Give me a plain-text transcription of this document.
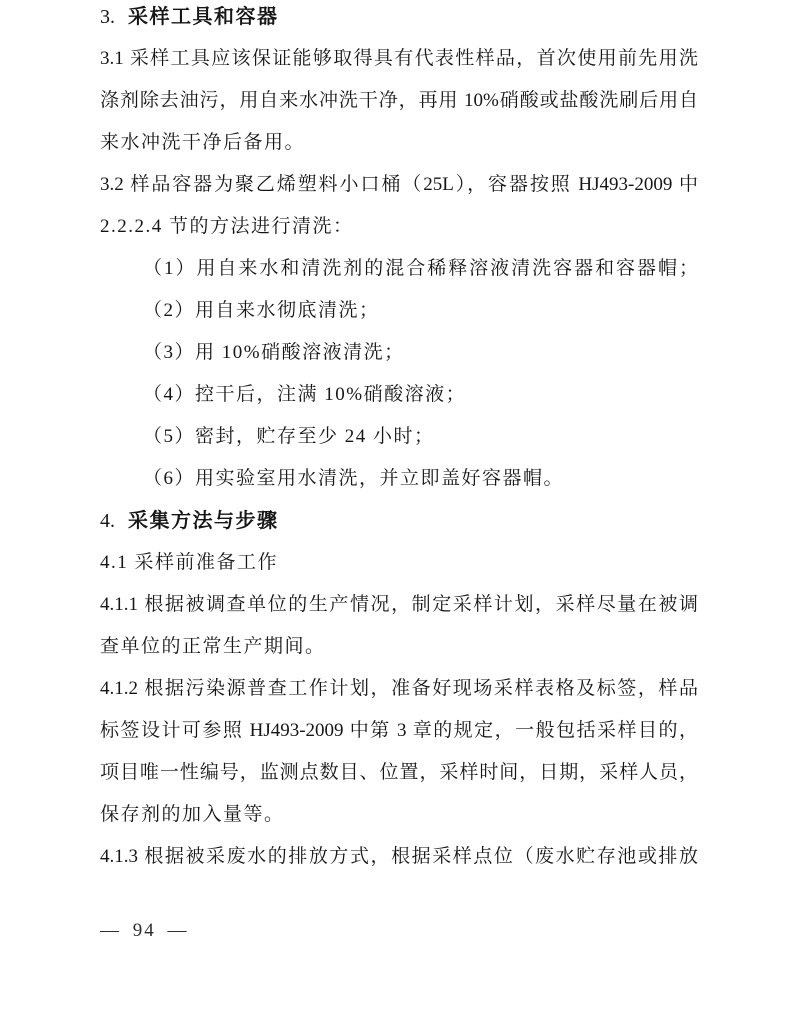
3. 采样工具和容器
3.1 采样工具应该保证能够取得具有代表性样品，首次使用前先用洗
涤剂除去油污，用自来水冲洗干净，再用 10%硝酸或盐酸洗刷后用自
来水冲洗干净后备用。
3.2 样品容器为聚乙烯塑料小口桶（25L），容器按照 HJ493-2009 中
2.2.2.4 节的方法进行清洗：
（1）用自来水和清洗剂的混合稀释溶液清洗容器和容器帽；
（2）用自来水彻底清洗；
（3）用 10%硝酸溶液清洗；
（4）控干后，注满 10%硝酸溶液；
（5）密封，贮存至少 24 小时；
（6）用实验室用水清洗，并立即盖好容器帽。
4. 采集方法与步骤
4.1 采样前准备工作
4.1.1 根据被调查单位的生产情况，制定采样计划，采样尽量在被调
查单位的正常生产期间。
4.1.2 根据污染源普查工作计划，准备好现场采样表格及标签，样品
标签设计可参照 HJ493-2009 中第 3 章的规定，一般包括采样目的，
项目唯一性编号，监测点数目、位置，采样时间，日期，采样人员，
保存剂的加入量等。
4.1.3 根据被采废水的排放方式，根据采样点位（废水贮存池或排放
— 94 —
